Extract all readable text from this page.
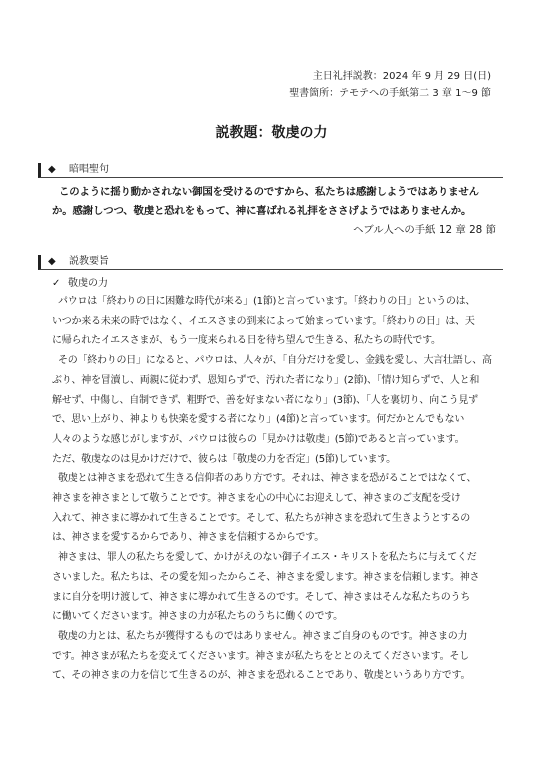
主日礼拝説教：2024 年 9 月 29 日(日)
聖書箇所：テモテへの手紙第二 3 章 1～9 節
説教題：敬虔の力
◆ 暗唱聖句
このように揺り動かされない御国を受けるのですから、私たちは感謝しようではありません
か。感謝しつつ、敬虔と恐れをもって、神に喜ばれる礼拝をささげようではありませんか。
ヘブル人への手紙 12 章 28 節
◆ 説教要旨
✓ 敬虔の力
パウロは「終わりの日に困難な時代が来る」(1節)と言っています。「終わりの日」というのは、
いつか来る未来の時ではなく、イエスさまの到来によって始まっています。「終わりの日」は、天
に帰られたイエスさまが、もう一度来られる日を待ち望んで生きる、私たちの時代です。
その「終わりの日」になると、パウロは、人々が、「自分だけを愛し、金銭を愛し、大言壮語し、高
ぶり、神を冒瀆し、両親に従わず、恩知らずで、汚れた者になり」(2節)、「情け知らずで、人と和
解せず、中傷し、自制できず、粗野で、善を好まない者になり」(3節)、「人を裏切り、向こう見ず
で、思い上がり、神よりも快楽を愛する者になり」(4節)と言っています。何だかとんでもない
人々のような感じがしますが、パウロは彼らの「見かけは敬虔」(5節)であると言っています。
ただ、敬虔なのは見かけだけで、彼らは「敬虔の力を否定」(5節)しています。
敬虔とは神さまを恐れて生きる信仰者のあり方です。それは、神さまを恐がることではなくて、
神さまを神さまとして敬うことです。神さまを心の中心にお迎えして、神さまのご支配を受け
入れて、神さまに導かれて生きることです。そして、私たちが神さまを恐れて生きようとするの
は、神さまを愛するからであり、神さまを信頼するからです。
神さまは、罪人の私たちを愛して、かけがえのない御子イエス・キリストを私たちに与えてくだ
さいました。私たちは、その愛を知ったからこそ、神さまを愛します。神さまを信頼します。神さ
まに自分を明け渡して、神さまに導かれて生きるのです。そして、神さまはそんな私たちのうち
に働いてくださいます。神さまの力が私たちのうちに働くのです。
敬虔の力とは、私たちが獲得するものではありません。神さまご自身のものです。神さまの力
です。神さまが私たちを変えてくださいます。神さまが私たちをととのえてくださいます。そし
て、その神さまの力を信じて生きるのが、神さまを恐れることであり、敬虔というあり方です。
